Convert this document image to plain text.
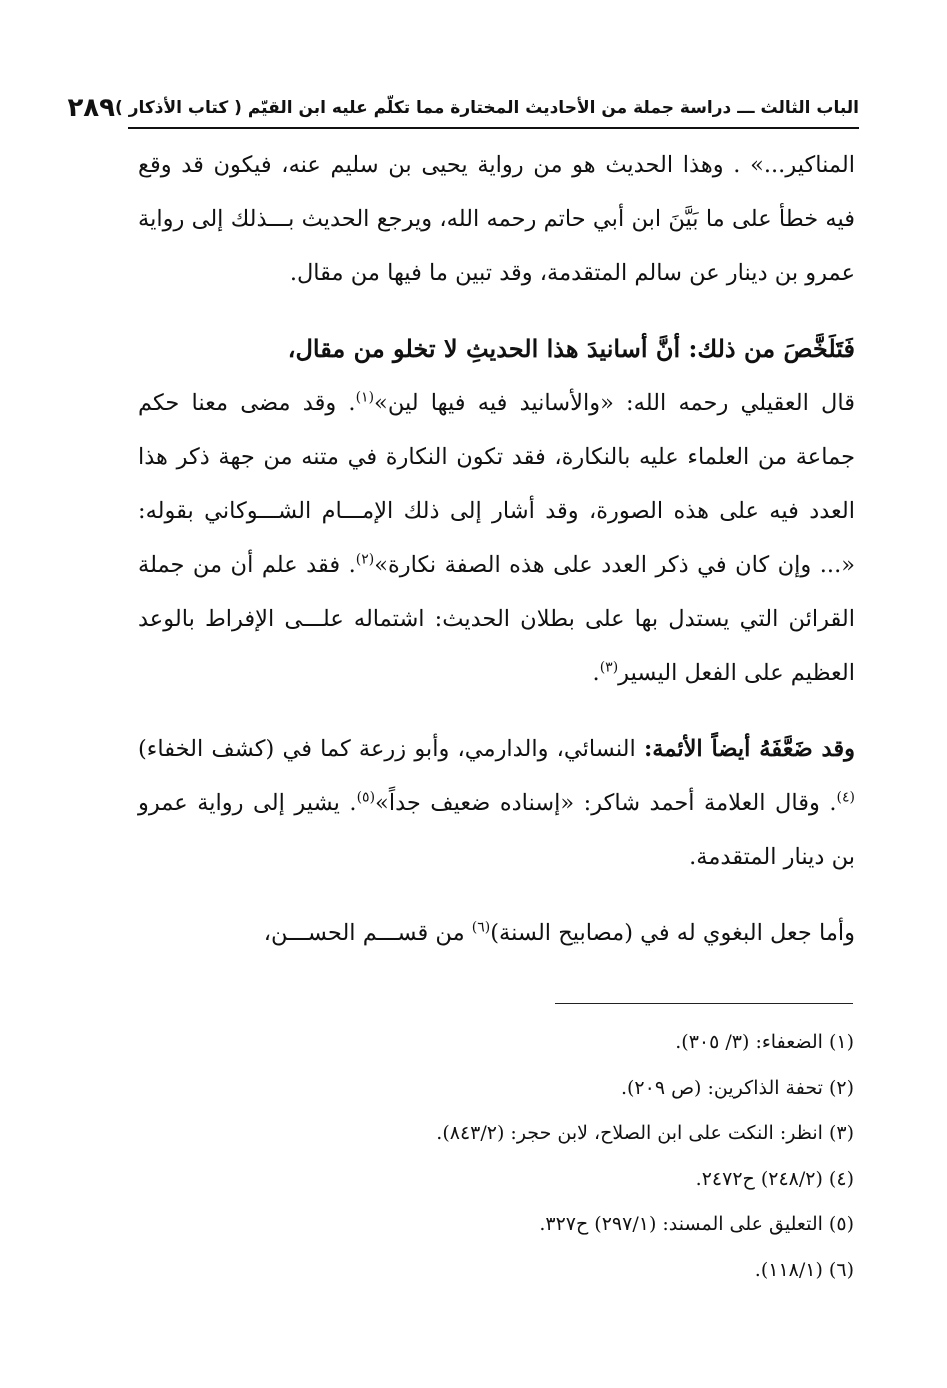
الباب الثالث ـــ دراسة جملة من الأحاديث المختارة مما تكلّم عليه ابن القيّم ( كتاب الأذكار )
٢٨٩

المناكير...» . وهذا الحديث هو من رواية يحيى بن سليم عنه، فيكون قد وقع فيه خطأ على ما بَيَّنَ ابن أبي حاتم رحمه الله، ويرجع الحديث بـــذلك إلى رواية عمرو بن دينار عن سالم المتقدمة، وقد تبين ما فيها من مقال.

فَتَلَخَّصَ من ذلك: أنَّ أسانيدَ هذا الحديثِ لا تخلو من مقال،

قال العقيلي رحمه الله: «والأسانيد فيه فيها لين»$^{(١)}$. وقد مضى معنا حكم جماعة من العلماء عليه بالنكارة، فقد تكون النكارة في متنه من جهة ذكر هذا العدد فيه على هذه الصورة، وقد أشار إلى ذلك الإمـــام الشـــوكاني بقوله: «... وإن كان في ذكر العدد على هذه الصفة نكارة»$^{(٢)}$. فقد علم أن من جملة القرائن التي يستدل بها على بطلان الحديث: اشتماله علـــى الإفراط بالوعد العظيم على الفعل اليسير$^{(٣)}$.

وقد ضَعَّفَهُ أيضاً الأئمة: النسائي، والدارمي، وأبو زرعة كما في (كشف الخفاء)$^{(٤)}$. وقال العلامة أحمد شاكر: «إسناده ضعيف جداً»$^{(٥)}$. يشير إلى رواية عمرو بن دينار المتقدمة.

وأما جعل البغوي له في (مصابيح السنة)$^{(٦)}$ من قســـم الحســـن،

(١) الضعفاء: (٣/ ٣٠٥).

(٢) تحفة الذاكرين: (ص ٢٠٩).

(٣) انظر: النكت على ابن الصلاح، لابن حجر: (٨٤٣/٢).

(٤) (٢٤٨/٢) ح٢٤٧٢.

(٥) التعليق على المسند: (٢٩٧/١) ح٣٢٧.

(٦) (١١٨/١).
